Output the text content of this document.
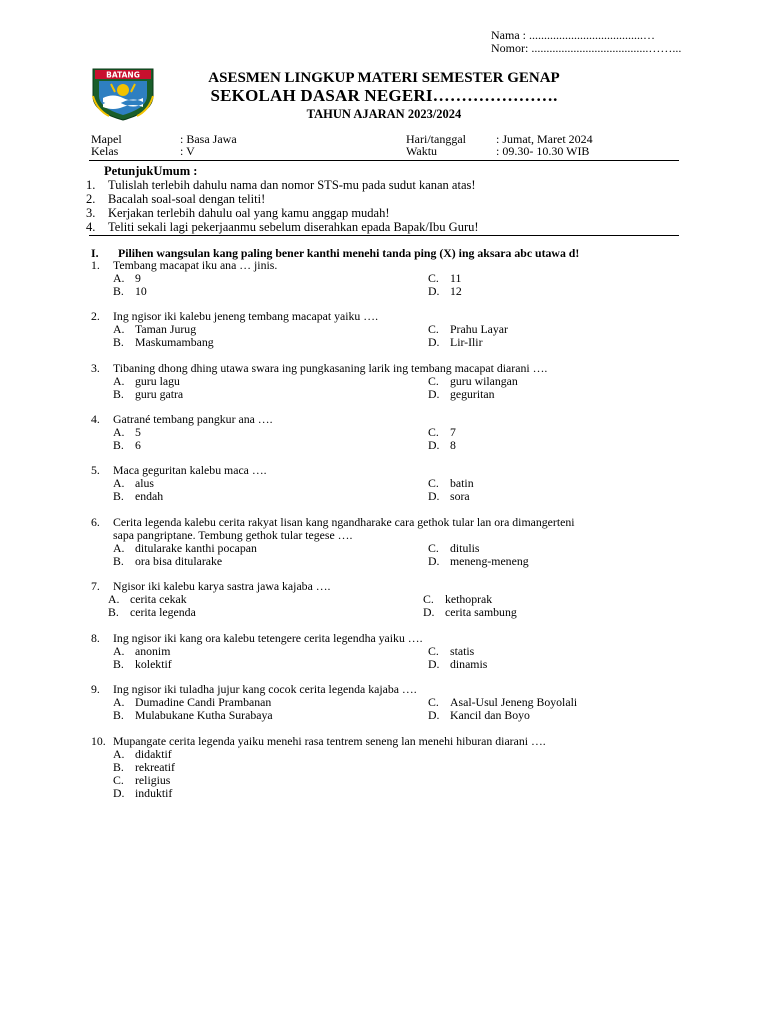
Nama : ......................................…
Nomor: .......................................……...
BATANG	ASESMEN LINGKUP MATERI SEMESTER GENAP
SEKOLAH DASAR NEGERI………………….
TAHUN AJARAN 2023/2024
Mapel	: Basa Jawa
Kelas	: V
Hari/tanggal	: Jumat, Maret 2024
Waktu	: 09.30- 10.30 WIB
PetunjukUmum :
1.	Tulislah terlebih dahulu nama dan nomor STS-mu pada sudut kanan atas!
2.	Bacalah soal-soal dengan teliti!
3.	Kerjakan terlebih dahulu oal yang kamu anggap mudah!
4.	Teliti sekali lagi pekerjaanmu sebelum diserahkan epada Bapak/Ibu Guru!
I. Pilihen wangsulan kang paling bener kanthi menehi tanda ping (X) ing aksara abc utawa d!
1.	Tembang macapat iku ana … jinis.
A. 9	C. 11
B. 10	D. 12
2.	Ing ngisor iki kalebu jeneng tembang macapat yaiku ….
A. Taman Jurug	C. Prahu Layar
B. Maskumambang	D. Lir-Ilir
3.	Tibaning dhong dhing utawa swara ing pungkasaning larik ing tembang macapat diarani ….
A. guru lagu	C. guru wilangan
B. guru gatra	D. geguritan
4.	Gatrané tembang pangkur ana ….
A. 5	C. 7
B. 6	D. 8
5.	Maca geguritan kalebu maca ….
A. alus	C. batin
B. endah	D. sora
6.	Cerita legenda kalebu cerita rakyat lisan kang ngandharake cara gethok tular lan ora dimangerteni
sapa pangriptane. Tembung gethok tular tegese ….
A. ditularake kanthi pocapan	C. ditulis
B. ora bisa ditularake	D. meneng-meneng
7.	Ngisor iki kalebu karya sastra jawa kajaba ….
A. cerita cekak	C. kethoprak
B. cerita legenda	D. cerita sambung
8.	Ing ngisor iki kang ora kalebu tetengere cerita legendha yaiku ….
A. anonim	C. statis
B. kolektif	D. dinamis
9.	Ing ngisor iki tuladha jujur kang cocok cerita legenda kajaba ….
A. Dumadine Candi Prambanan	C. Asal-Usul Jeneng Boyolali
B. Mulabukane Kutha Surabaya	D. Kancil dan Boyo
10. Mupangate cerita legenda yaiku menehi rasa tentrem seneng lan menehi hiburan diarani ….
A. didaktif
B. rekreatif
C. religius
D. induktif
